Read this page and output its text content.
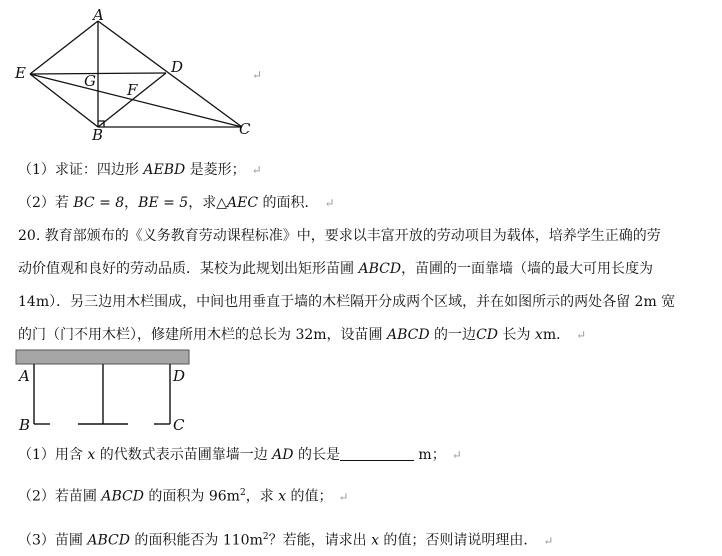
A
D
E	G F
B	C
↵
（1）求证：四边形 AEBD 是菱形； ↵
（2）若 BC = 8，BE = 5，求△AEC 的面积． ↵
20. 教育部颁布的《义务教育劳动课程标准》中，要求以丰富开放的劳动项目为载体，培养学生正确的劳
动价值观和良好的劳动品质．某校为此规划出矩形苗圃 ABCD，苗圃的一面靠墙（墙的最大可用长度为
14m）．另三边用木栏围成，中间也用垂直于墙的木栏隔开分成两个区域，并在如图所示的两处各留 2m 宽
的门（门不用木栏），修建所用木栏的总长为 32m，设苗圃 ABCD 的一边CD 长为 xm． ↵
A	D
B	C
（1）用含 x 的代数式表示苗圃靠墙一边 AD 的长是	m； ↵
（2）若苗圃 ABCD 的面积为 $96m^2$，求 x 的值； ↵
（3）苗圃 ABCD 的面积能否为 $110m^2$？若能，请求出 x 的值；否则请说明理由． ↵
